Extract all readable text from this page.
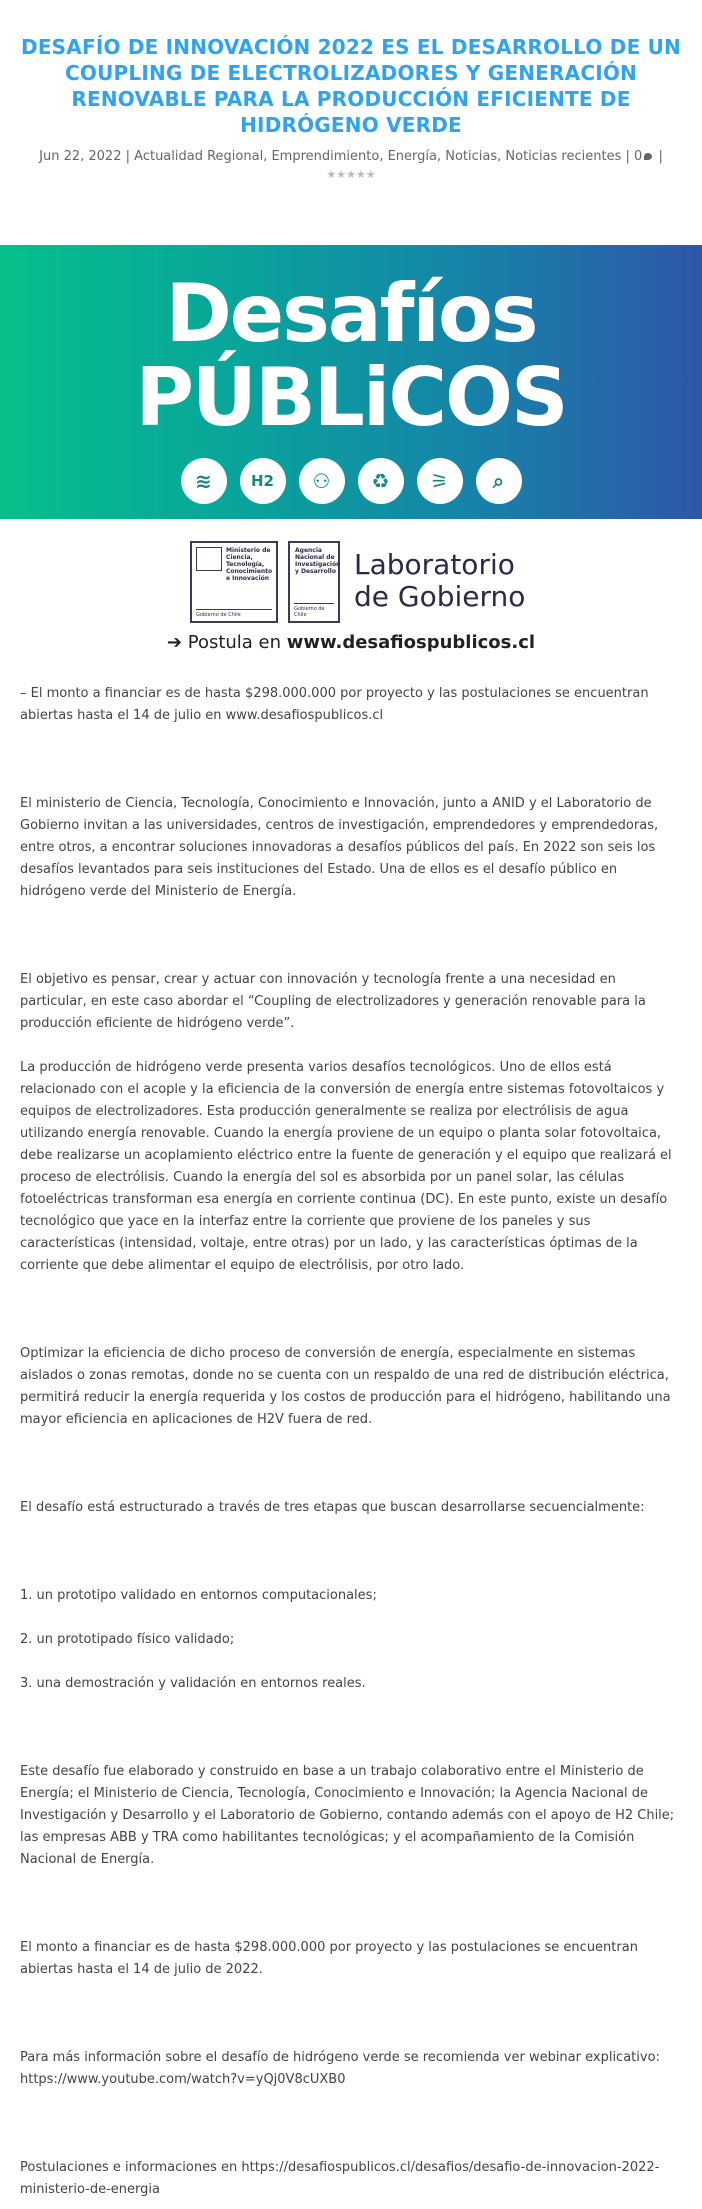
DESAFÍO DE INNOVACIÓN 2022 ES EL DESARROLLO DE UN COUPLING DE ELECTROLIZADORES Y GENERACIÓN RENOVABLE PARA LA PRODUCCIÓN EFICIENTE DE HIDRÓGENO VERDE
Jun 22, 2022 | Actualidad Regional, Emprendimiento, Energía, Noticias, Noticias recientes | 0 | ★★★★★
Desafíos
PÚBLiCOS
≋	H2	⚇	♻	⚞	⌕
Ministerio de Ciencia, Tecnología, Conocimiento e Innovación
Gobierno de Chile
Agencia Nacional de Investigación y Desarrollo
Gobierno de Chile
Laboratorio
de Gobierno
➔ Postula en www.desafiospublicos.cl

– El monto a financiar es de hasta $298.000.000 por proyecto y las postulaciones se encuentran abiertas hasta el 14 de julio en www.desafiospublicos.cl

El ministerio de Ciencia, Tecnología, Conocimiento e Innovación, junto a ANID y el Laboratorio de Gobierno invitan a las universidades, centros de investigación, emprendedores y emprendedoras, entre otros, a encontrar soluciones innovadoras a desafíos públicos del país. En 2022 son seis los desafíos levantados para seis instituciones del Estado. Una de ellos es el desafío público en hidrógeno verde del Ministerio de Energía.

El objetivo es pensar, crear y actuar con innovación y tecnología frente a una necesidad en particular, en este caso abordar el “Coupling de electrolizadores y generación renovable para la producción eficiente de hidrógeno verde”.

La producción de hidrógeno verde presenta varios desafíos tecnológicos. Uno de ellos está relacionado con el acople y la eficiencia de la conversión de energía entre sistemas fotovoltaicos y equipos de electrolizadores. Esta producción generalmente se realiza por electrólisis de agua utilizando energía renovable. Cuando la energía proviene de un equipo o planta solar fotovoltaica, debe realizarse un acoplamiento eléctrico entre la fuente de generación y el equipo que realizará el proceso de electrólisis. Cuando la energía del sol es absorbida por un panel solar, las células fotoeléctricas transforman esa energía en corriente continua (DC). En este punto, existe un desafío tecnológico que yace en la interfaz entre la corriente que proviene de los paneles y sus características (intensidad, voltaje, entre otras) por un lado, y las características óptimas de la corriente que debe alimentar el equipo de electrólisis, por otro lado.

Optimizar la eficiencia de dicho proceso de conversión de energía, especialmente en sistemas aislados o zonas remotas, donde no se cuenta con un respaldo de una red de distribución eléctrica, permitirá reducir la energía requerida y los costos de producción para el hidrógeno, habilitando una mayor eficiencia en aplicaciones de H2V fuera de red.

El desafío está estructurado a través de tres etapas que buscan desarrollarse secuencialmente:

1. un prototipo validado en entornos computacionales;

2. un prototipado físico validado;

3. una demostración y validación en entornos reales.

Este desafío fue elaborado y construido en base a un trabajo colaborativo entre el Ministerio de Energía; el Ministerio de Ciencia, Tecnología, Conocimiento e Innovación; la Agencia Nacional de Investigación y Desarrollo y el Laboratorio de Gobierno, contando además con el apoyo de H2 Chile; las empresas ABB y TRA como habilitantes tecnológicas; y el acompañamiento de la Comisión Nacional de Energía.

El monto a financiar es de hasta $298.000.000 por proyecto y las postulaciones se encuentran abiertas hasta el 14 de julio de 2022.

Para más información sobre el desafío de hidrógeno verde se recomienda ver webinar explicativo: https://www.youtube.com/watch?v=yQj0V8cUXB0

Postulaciones e informaciones en https://desafiospublicos.cl/desafios/desafio-de-innovacion-2022-ministerio-de-energia
